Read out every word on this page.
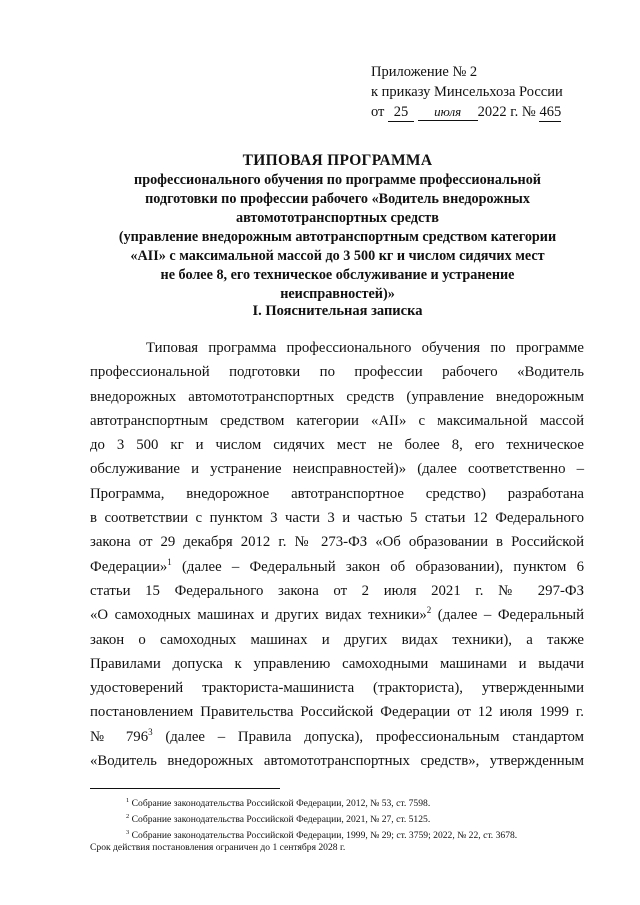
Приложение № 2
к приказу Минсельхоза России
от 25 июля 2022 г. № 465
ТИПОВАЯ ПРОГРАММА
профессионального обучения по программе профессиональной
подготовки по профессии рабочего «Водитель внедорожных
автомототранспортных средств
(управление внедорожным автотранспортным средством категории
«AII» с максимальной массой до 3 500 кг и числом сидячих мест
не более 8, его техническое обслуживание и устранение
неисправностей)»
I. Пояснительная записка
Типовая программа профессионального обучения по программе
профессиональной подготовки по профессии рабочего «Водитель
внедорожных автомототранспортных средств (управление внедорожным
автотранспортным средством категории «AII» с максимальной массой
до 3 500 кг и числом сидячих мест не более 8, его техническое
обслуживание и устранение неисправностей)» (далее соответственно –
Программа, внедорожное автотранспортное средство) разработана
в соответствии с пунктом 3 части 3 и частью 5 статьи 12 Федерального
закона от 29 декабря 2012 г. № 273-ФЗ «Об образовании в Российской
Федерации»$^1$ (далее – Федеральный закон об образовании), пунктом 6
статьи 15 Федерального закона от 2 июля 2021 г. № 297-ФЗ
«О самоходных машинах и других видах техники»$^2$ (далее – Федеральный
закон о самоходных машинах и других видах техники), а также
Правилами допуска к управлению самоходными машинами и выдачи
удостоверений тракториста-машиниста (тракториста), утвержденными
постановлением Правительства Российской Федерации от 12 июля 1999 г.
№ $796^3$ (далее – Правила допуска), профессиональным стандартом
«Водитель внедорожных автомототранспортных средств», утвержденным
$^1$ Собрание законодательства Российской Федерации, 2012, № 53, ст. 7598.
$^2$ Собрание законодательства Российской Федерации, 2021, № 27, ст. 5125.
$^3$ Собрание законодательства Российской Федерации, 1999, № 29; ст. 3759; 2022, № 22, ст. 3678.
Срок действия постановления ограничен до 1 сентября 2028 г.
